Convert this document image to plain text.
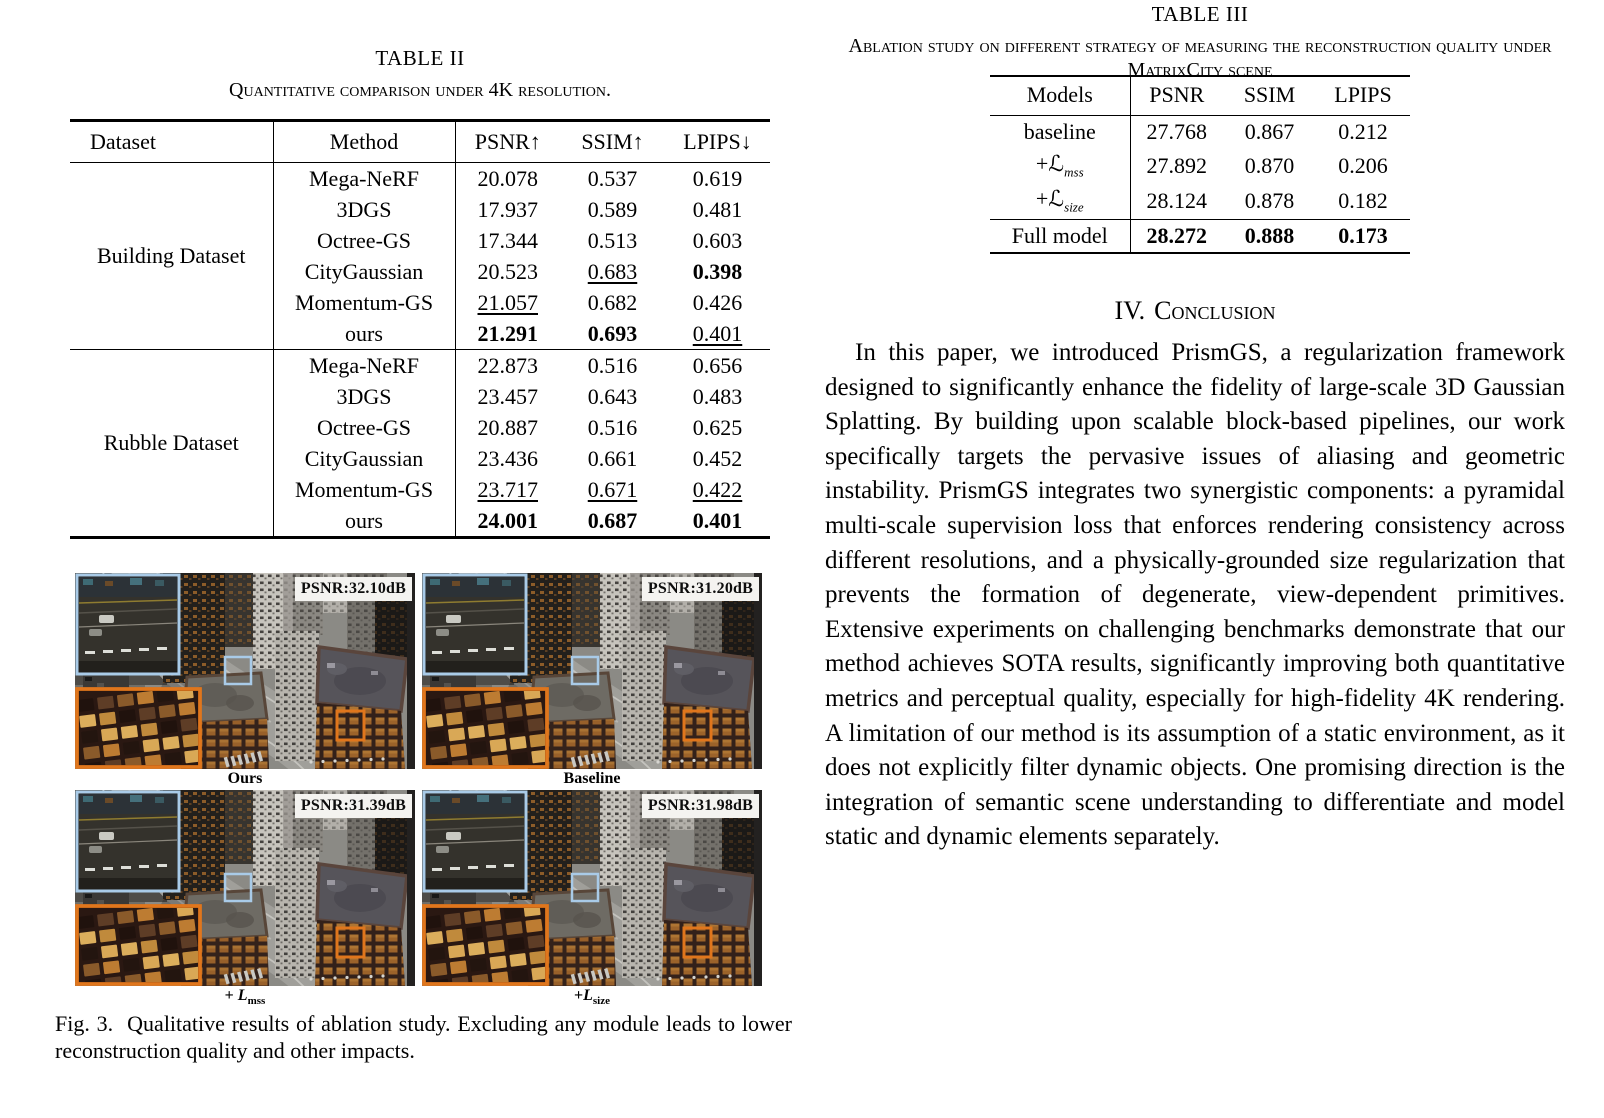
TABLE II
Quantitative comparison under 4K resolution.
Dataset	Method	PSNR↑	SSIM↑	LPIPS↓
Building Dataset	Mega-NeRF	20.078	0.537	0.619
	3DGS	17.937	0.589	0.481
	Octree-GS	17.344	0.513	0.603
	CityGaussian	20.523	0.683	0.398
	Momentum-GS	21.057	0.682	0.426
	ours	21.291	0.693	0.401
Rubble Dataset	Mega-NeRF	22.873	0.516	0.656
	3DGS	23.457	0.643	0.483
	Octree-GS	20.887	0.516	0.625
	CityGaussian	23.436	0.661	0.452
	Momentum-GS	23.717	0.671	0.422
	ours	24.001	0.687	0.401
PSNR:32.10dB
Ours
PSNR:31.20dB
Baseline
PSNR:31.39dB
+ $L_{mss}$
PSNR:31.98dB
$+L_{size}$
Fig. 3. Qualitative results of ablation study. Excluding any module leads to lower reconstruction quality and other impacts.
TABLE III
Ablation study on different strategy of measuring the reconstruction quality under MatrixCity scene
Models	PSNR	SSIM	LPIPS
baseline	27.768	0.867	0.212
+ℒ$_{mss}$	27.892	0.870	0.206
+ℒ$_{size}$	28.124	0.878	0.182
Full model	28.272	0.888	0.173
IV. Conclusion

In this paper, we introduced PrismGS, a regularization framework designed to significantly enhance the fidelity of large-scale 3D Gaussian Splatting. By building upon scalable block-based pipelines, our work specifically targets the pervasive issues of aliasing and geometric instability. PrismGS integrates two synergistic components: a pyramidal multi-scale supervision loss that enforces rendering consistency across different resolutions, and a physically-grounded size regularization that prevents the formation of degenerate, view-dependent primitives. Extensive experiments on challenging benchmarks demonstrate that our method achieves SOTA results, significantly improving both quantitative metrics and perceptual quality, especially for high-fidelity 4K rendering. A limitation of our method is its assumption of a static environment, as it does not explicitly filter dynamic objects. One promising direction is the integration of semantic scene understanding to differentiate and model static and dynamic elements separately.
